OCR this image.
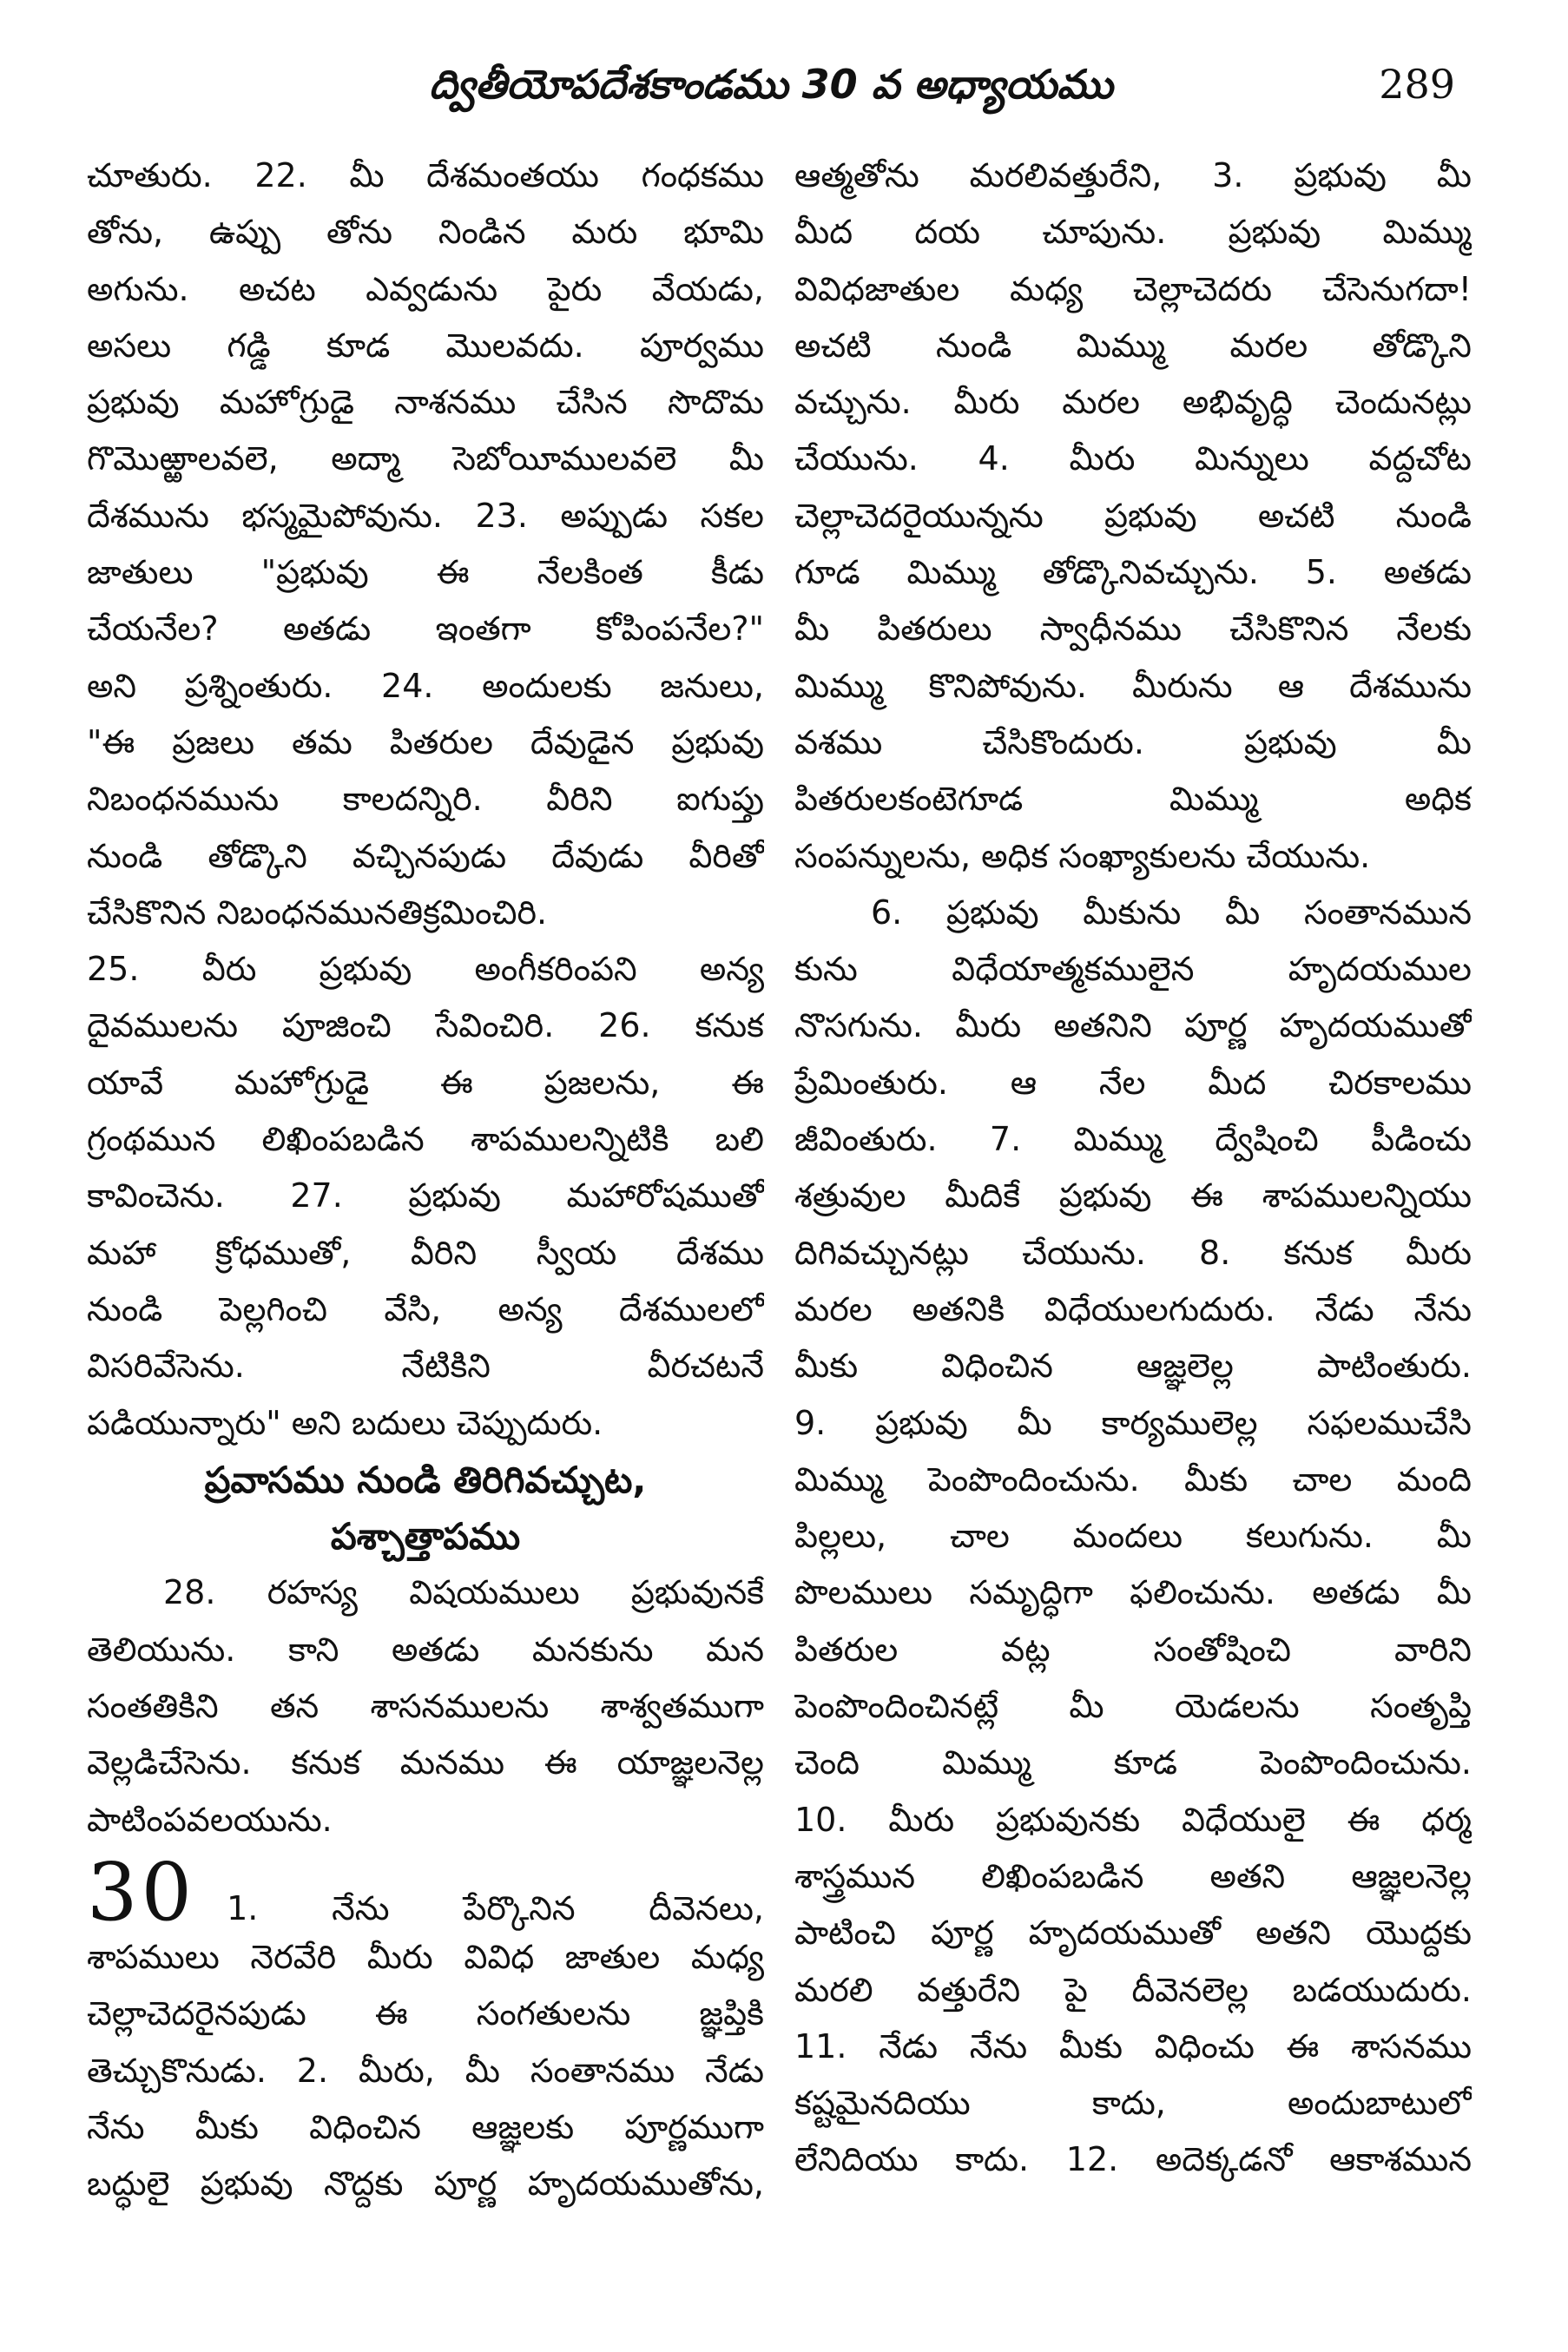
ద్వితీయోపదేశకాండము 30 వ అధ్యాయము	289
చూతురు. 22. మీ దేశమంతయు గంధకము
తోను, ఉప్పు తోను నిండిన మరు భూమి
అగును. అచట ఎవ్వడును పైరు వేయడు,
అసలు గడ్డి కూడ మొలవదు. పూర్వము
ప్రభువు మహోగ్రుడై నాశనము చేసిన సొదొమ
గొమొఱ్ఱాలవలె, అద్మా సెబోయీములవలె మీ
దేశమును భస్మమైపోవును. 23. అప్పుడు సకల
జాతులు "ప్రభువు ఈ నేలకింత కీడు
చేయనేల? అతడు ఇంతగా కోపింపనేల?"
అని ప్రశ్నింతురు. 24. అందులకు జనులు,
"ఈ ప్రజలు తమ పితరుల దేవుడైన ప్రభువు
నిబంధనమును కాలదన్నిరి. వీరిని ఐగుప్తు
నుండి తోడ్కొని వచ్చినపుడు దేవుడు వీరితో
చేసికొనిన నిబంధనమునతిక్రమించిరి.
25. వీరు ప్రభువు అంగీకరింపని అన్య
దైవములను పూజించి సేవించిరి. 26. కనుక
యావే మహోగ్రుడై ఈ ప్రజలను, ఈ
గ్రంథమున లిఖింపబడిన శాపములన్నిటికి బలి
కావించెను. 27. ప్రభువు మహారోషముతో
మహా క్రోధముతో, వీరిని స్వీయ దేశము
నుండి పెల్లగించి వేసి, అన్య దేశములలో
విసరివేసెను. నేటికిని వీరచటనే
పడియున్నారు" అని బదులు చెప్పుదురు.
ప్రవాసము నుండి తిరిగివచ్చుట,
పశ్చాత్తాపము
28. రహస్య విషయములు ప్రభువునకే
తెలియును. కాని అతడు మనకును మన
సంతతికిని తన శాసనములను శాశ్వతముగా
వెల్లడిచేసెను. కనుక మనము ఈ యాజ్ఞలనెల్ల
పాటింపవలయును.
30 1. నేను పేర్కొనిన దీవెనలు,
శాపములు నెరవేరి మీరు వివిధ జాతుల మధ్య
చెల్లాచెదరైనపుడు ఈ సంగతులను జ్ఞప్తికి
తెచ్చుకొనుడు. 2. మీరు, మీ సంతానము నేడు
నేను మీకు విధించిన ఆజ్ఞలకు పూర్ణముగా
బద్ధులై ప్రభువు నొద్దకు పూర్ణ హృదయముతోను,
ఆత్మతోను మరలివత్తురేని, 3. ప్రభువు మీ
మీద దయ చూపును. ప్రభువు మిమ్ము
వివిధజాతుల మధ్య చెల్లాచెదరు చేసెనుగదా!
అచటి నుండి మిమ్ము మరల తోడ్కొని
వచ్చును. మీరు మరల అభివృద్ధి చెందునట్లు
చేయును. 4. మీరు మిన్నులు వద్దచోట
చెల్లాచెదరైయున్నను ప్రభువు అచటి నుండి
గూడ మిమ్ము తోడ్కొనివచ్చును. 5. అతడు
మీ పితరులు స్వాధీనము చేసికొనిన నేలకు
మిమ్ము కొనిపోవును. మీరును ఆ దేశమును
వశము చేసికొందురు. ప్రభువు మీ
పితరులకంటెగూడ మిమ్ము అధిక
సంపన్నులను, అధిక సంఖ్యాకులను చేయును.
6. ప్రభువు మీకును మీ సంతానమున
కును విధేయాత్మకములైన హృదయముల
నొసగును. మీరు అతనిని పూర్ణ హృదయముతో
ప్రేమింతురు. ఆ నేల మీద చిరకాలము
జీవింతురు. 7. మిమ్ము ద్వేషించి పీడించు
శత్రువుల మీదికే ప్రభువు ఈ శాపములన్నియు
దిగివచ్చునట్లు చేయును. 8. కనుక మీరు
మరల అతనికి విధేయులగుదురు. నేడు నేను
మీకు విధించిన ఆజ్ఞలెల్ల పాటింతురు.
9. ప్రభువు మీ కార్యములెల్ల సఫలముచేసి
మిమ్ము పెంపొందించును. మీకు చాల మంది
పిల్లలు, చాల మందలు కలుగును. మీ
పొలములు సమృద్ధిగా ఫలించును. అతడు మీ
పితరుల వట్ల సంతోషించి వారిని
పెంపొందించినట్లే మీ యెడలను సంతృప్తి
చెంది మిమ్ము కూడ పెంపొందించును.
10. మీరు ప్రభువునకు విధేయులై ఈ ధర్మ
శాస్త్రమున లిఖింపబడిన అతని ఆజ్ఞలనెల్ల
పాటించి పూర్ణ హృదయముతో అతని యొద్దకు
మరలి వత్తురేని పై దీవెనలెల్ల బడయుదురు.
11. నేడు నేను మీకు విధించు ఈ శాసనము
కష్టమైనదియు కాదు, అందుబాటులో
లేనిదియు కాదు. 12. అదెక్కడనో ఆకాశమున
